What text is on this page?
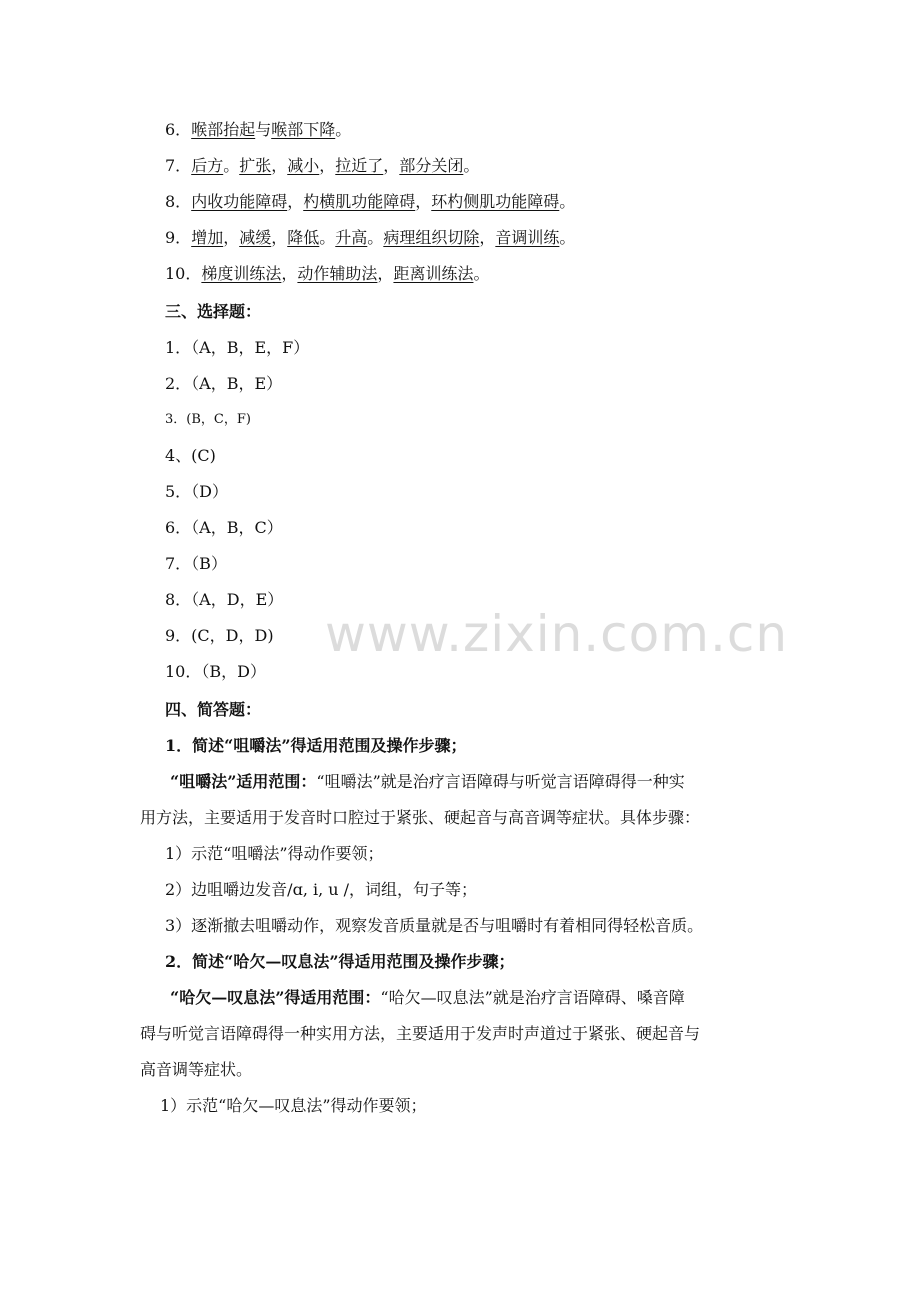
6．喉部抬起与喉部下降。
7．后方。扩张，减小，拉近了，部分关闭。
8．内收功能障碍，杓横肌功能障碍，环杓侧肌功能障碍。
9．增加，减缓，降低。升高。病理组织切除，音调训练。
10．梯度训练法，动作辅助法，距离训练法。
三、选择题：
1．（A，B，E，F）
2．（A，B，E）
3．(B，C，F)
4、(C)
5．（D）
6．（A，B，C）
7．（B）
8．（A，D，E）
9．(C，D，D)
10．（B，D）
四、简答题：
1．简述“咀嚼法”得适用范围及操作步骤；
“咀嚼法”适用范围：“咀嚼法”就是治疗言语障碍与听觉言语障碍得一种实
用方法，主要适用于发音时口腔过于紧张、硬起音与高音调等症状。具体步骤：
1）示范“咀嚼法”得动作要领；
2）边咀嚼边发音/ɑ, i, u /，词组，句子等；
3）逐渐撤去咀嚼动作，观察发音质量就是否与咀嚼时有着相同得轻松音质。
2．简述“哈欠—叹息法”得适用范围及操作步骤；
“哈欠—叹息法”得适用范围：“哈欠—叹息法”就是治疗言语障碍、嗓音障
碍与听觉言语障碍得一种实用方法，主要适用于发声时声道过于紧张、硬起音与
高音调等症状。
1）示范“哈欠—叹息法”得动作要领；
www.zixin.com.cn
